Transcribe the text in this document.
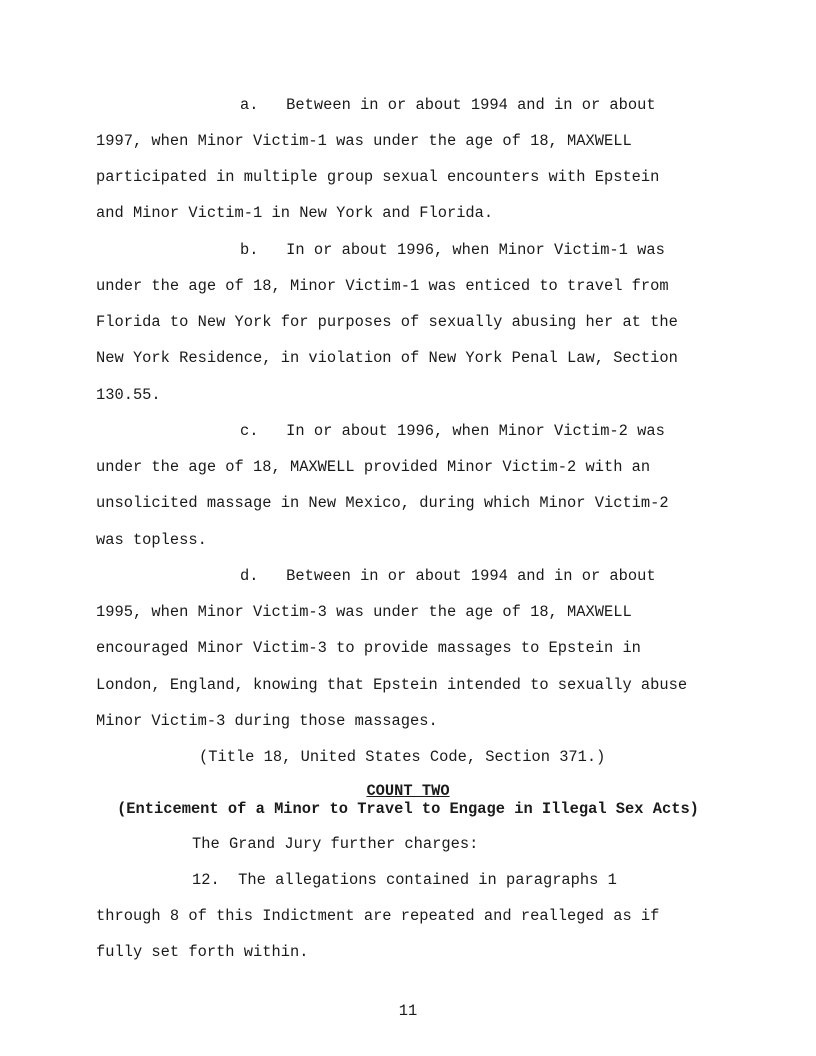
a.   Between in or about 1994 and in or about
1997, when Minor Victim-1 was under the age of 18, MAXWELL
participated in multiple group sexual encounters with Epstein
and Minor Victim-1 in New York and Florida.
b.   In or about 1996, when Minor Victim-1 was
under the age of 18, Minor Victim-1 was enticed to travel from
Florida to New York for purposes of sexually abusing her at the
New York Residence, in violation of New York Penal Law, Section
130.55.
c.   In or about 1996, when Minor Victim-2 was
under the age of 18, MAXWELL provided Minor Victim-2 with an
unsolicited massage in New Mexico, during which Minor Victim-2
was topless.
d.   Between in or about 1994 and in or about
1995, when Minor Victim-3 was under the age of 18, MAXWELL
encouraged Minor Victim-3 to provide massages to Epstein in
London, England, knowing that Epstein intended to sexually abuse
Minor Victim-3 during those massages.
(Title 18, United States Code, Section 371.)
COUNT TWO
(Enticement of a Minor to Travel to Engage in Illegal Sex Acts)
The Grand Jury further charges:
12.  The allegations contained in paragraphs 1
through 8 of this Indictment are repeated and realleged as if
fully set forth within.
11
